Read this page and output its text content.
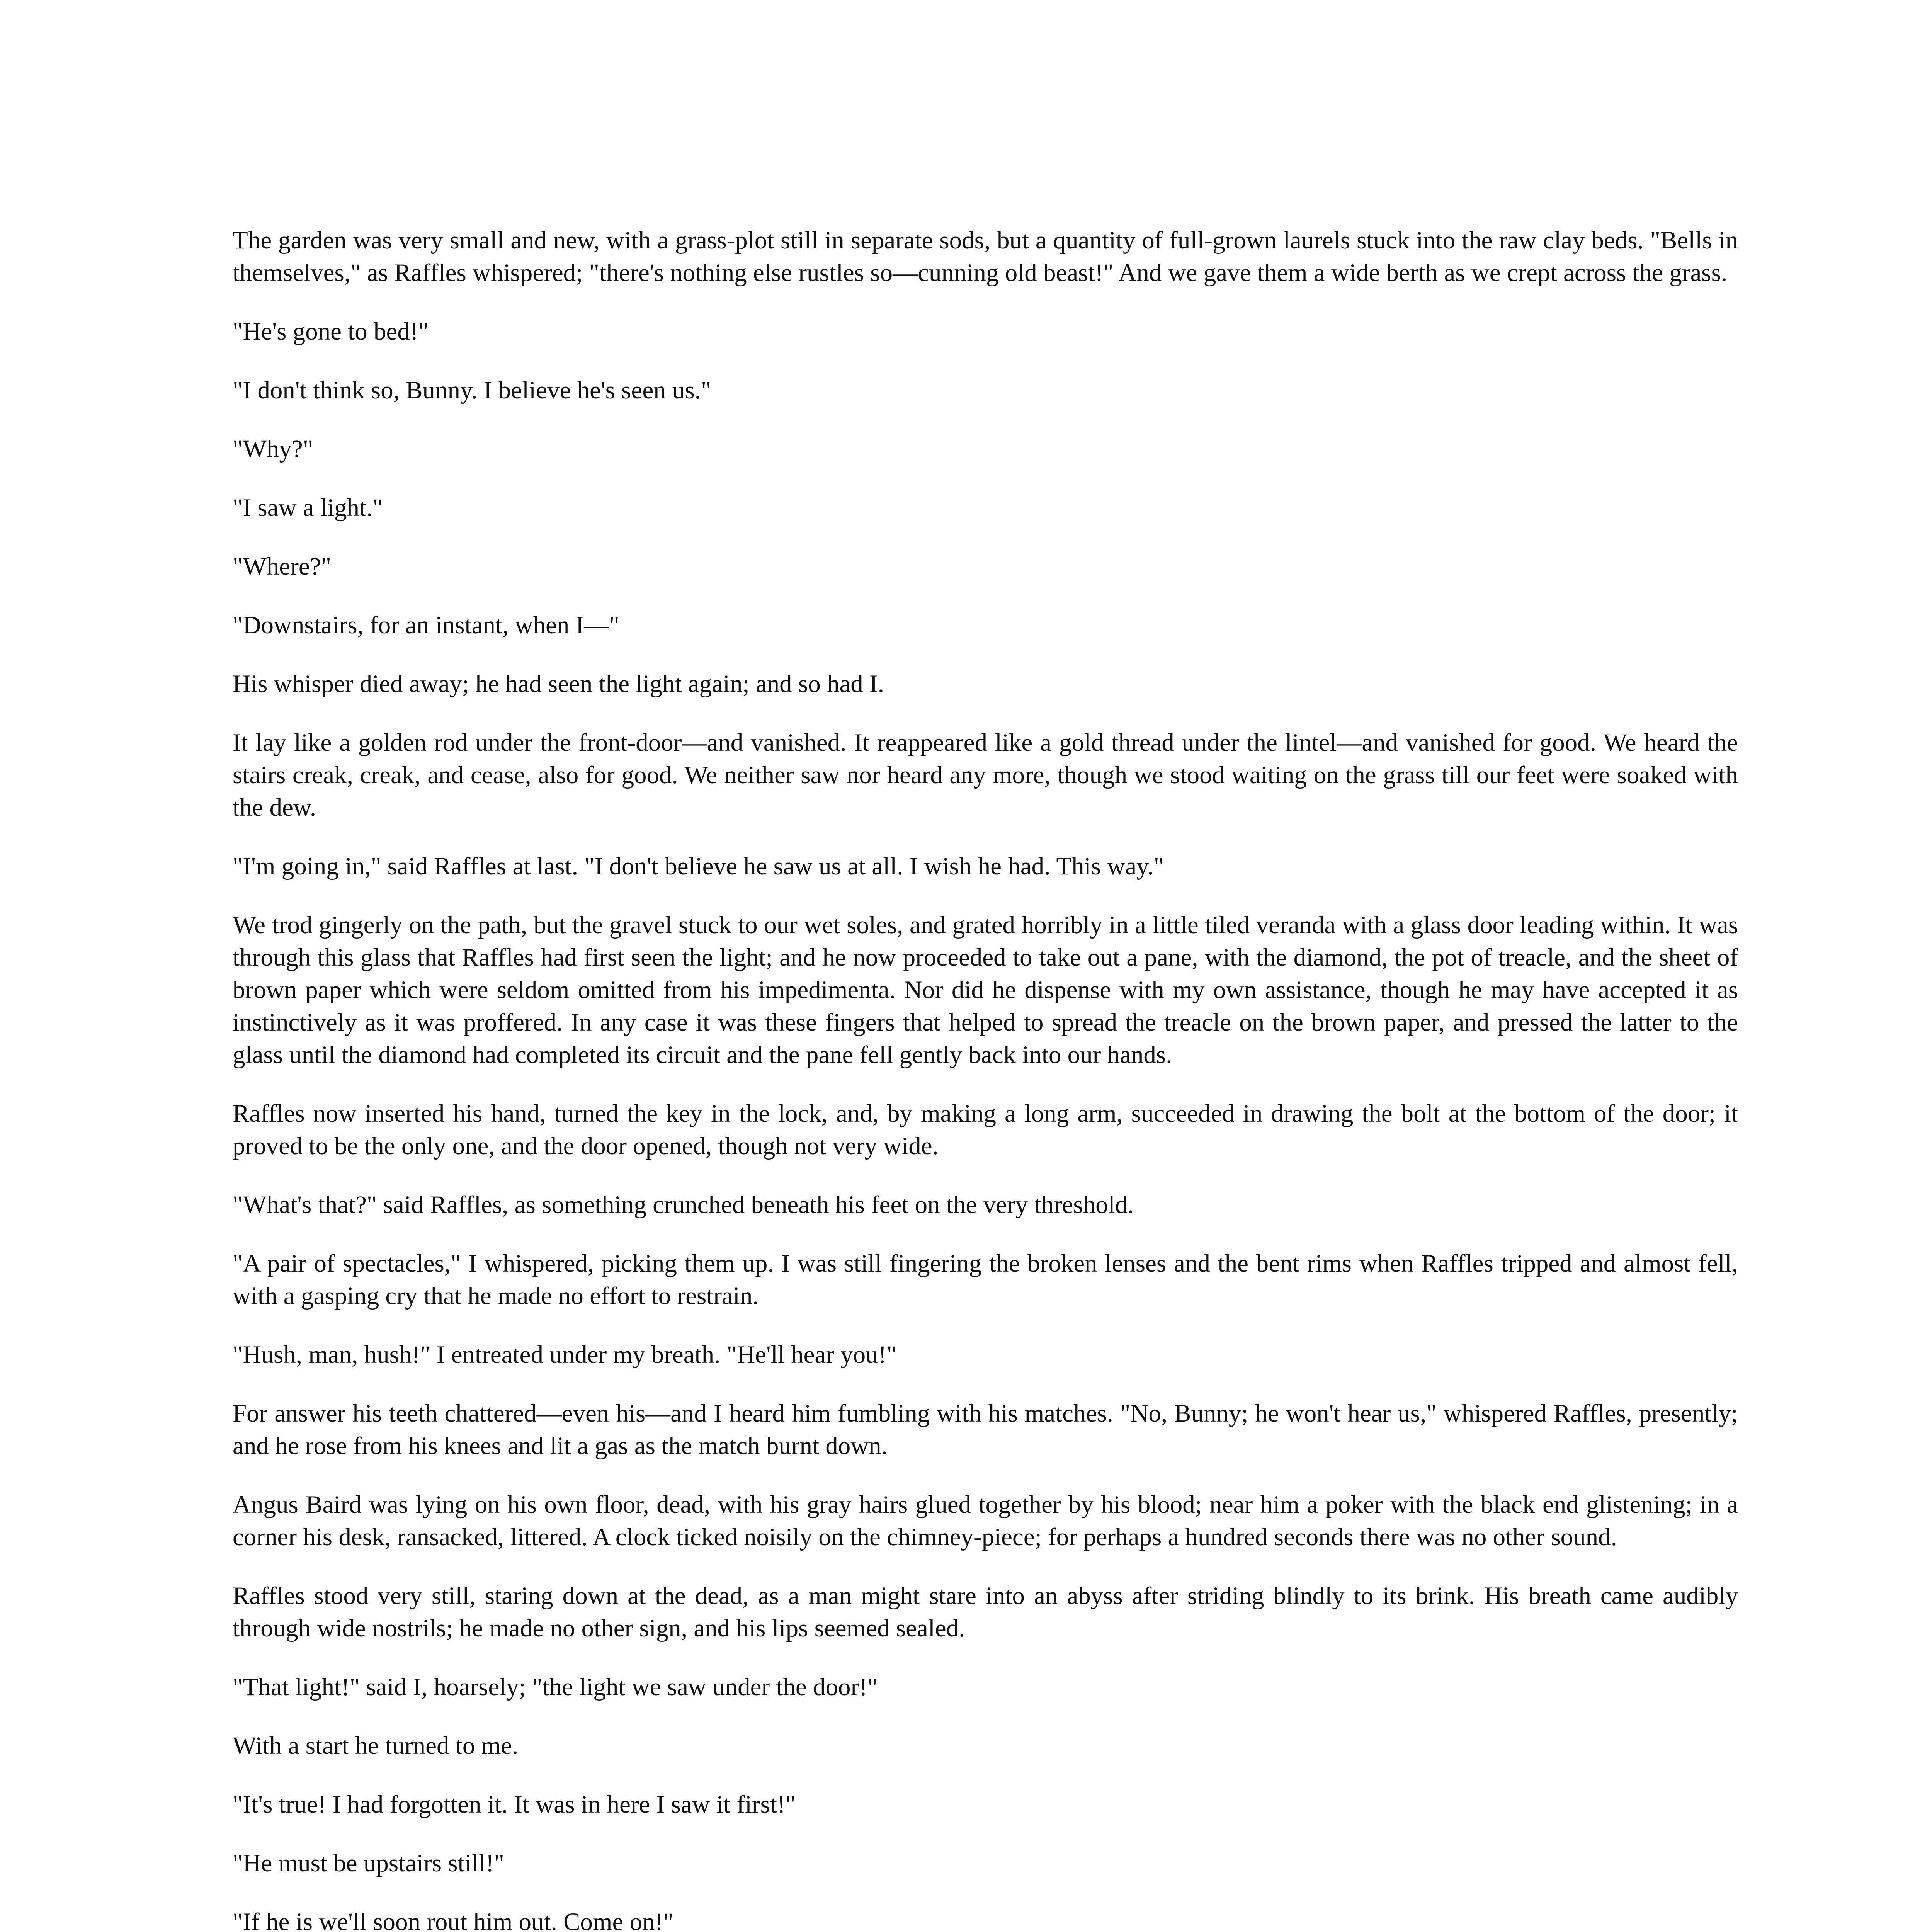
The garden was very small and new, with a grass-plot still in separate sods, but a quantity of full-grown laurels stuck into the raw clay beds. "Bells in themselves," as Raffles whispered; "there's nothing else rustles so—cunning old beast!" And we gave them a wide berth as we crept across the grass.

"He's gone to bed!"

"I don't think so, Bunny. I believe he's seen us."

"Why?"

"I saw a light."

"Where?"

"Downstairs, for an instant, when I—"

His whisper died away; he had seen the light again; and so had I.

It lay like a golden rod under the front-door—and vanished. It reappeared like a gold thread under the lintel—and vanished for good. We heard the stairs creak, creak, and cease, also for good. We neither saw nor heard any more, though we stood waiting on the grass till our feet were soaked with the dew.

"I'm going in," said Raffles at last. "I don't believe he saw us at all. I wish he had. This way."

We trod gingerly on the path, but the gravel stuck to our wet soles, and grated horribly in a little tiled veranda with a glass door leading within. It was through this glass that Raffles had first seen the light; and he now proceeded to take out a pane, with the diamond, the pot of treacle, and the sheet of brown paper which were seldom omitted from his impedimenta. Nor did he dispense with my own assistance, though he may have accepted it as instinctively as it was proffered. In any case it was these fingers that helped to spread the treacle on the brown paper, and pressed the latter to the glass until the diamond had completed its circuit and the pane fell gently back into our hands.

Raffles now inserted his hand, turned the key in the lock, and, by making a long arm, succeeded in drawing the bolt at the bottom of the door; it proved to be the only one, and the door opened, though not very wide.

"What's that?" said Raffles, as something crunched beneath his feet on the very threshold.

"A pair of spectacles," I whispered, picking them up. I was still fingering the broken lenses and the bent rims when Raffles tripped and almost fell, with a gasping cry that he made no effort to restrain.

"Hush, man, hush!" I entreated under my breath. "He'll hear you!"

For answer his teeth chattered—even his—and I heard him fumbling with his matches. "No, Bunny; he won't hear us," whispered Raffles, presently; and he rose from his knees and lit a gas as the match burnt down.

Angus Baird was lying on his own floor, dead, with his gray hairs glued together by his blood; near him a poker with the black end glistening; in a corner his desk, ransacked, littered. A clock ticked noisily on the chimney-piece; for perhaps a hundred seconds there was no other sound.

Raffles stood very still, staring down at the dead, as a man might stare into an abyss after striding blindly to its brink. His breath came audibly through wide nostrils; he made no other sign, and his lips seemed sealed.

"That light!" said I, hoarsely; "the light we saw under the door!"

With a start he turned to me.

"It's true! I had forgotten it. It was in here I saw it first!"

"He must be upstairs still!"

"If he is we'll soon rout him out. Come on!"
